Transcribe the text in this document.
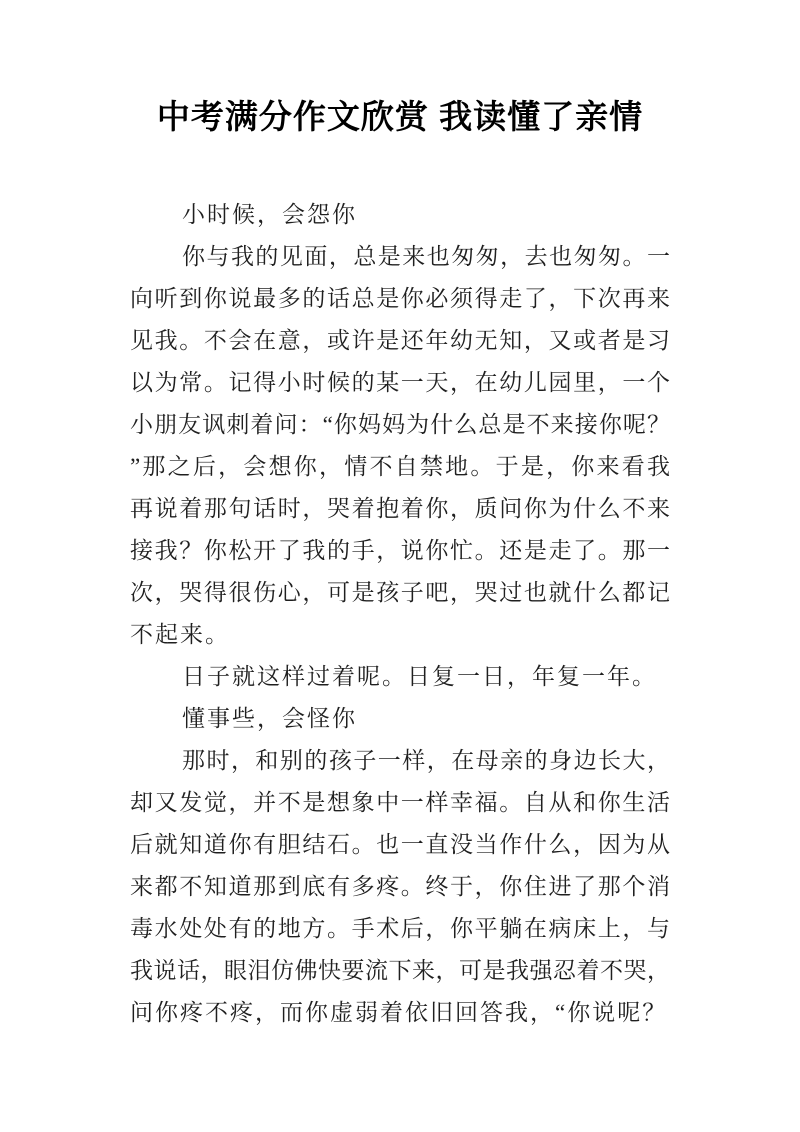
中考满分作文欣赏 我读懂了亲情
小时候，会怨你
你与我的见面，总是来也匆匆，去也匆匆。一
向听到你说最多的话总是你必须得走了，下次再来
见我。不会在意，或许是还年幼无知，又或者是习
以为常。记得小时候的某一天，在幼儿园里，一个
小朋友讽刺着问：“你妈妈为什么总是不来接你呢？
”那之后，会想你，情不自禁地。于是，你来看我
再说着那句话时，哭着抱着你，质问你为什么不来
接我？你松开了我的手，说你忙。还是走了。那一
次，哭得很伤心，可是孩子吧，哭过也就什么都记
不起来。
日子就这样过着呢。日复一日，年复一年。
懂事些，会怪你
那时，和别的孩子一样，在母亲的身边长大，
却又发觉，并不是想象中一样幸福。自从和你生活
后就知道你有胆结石。也一直没当作什么，因为从
来都不知道那到底有多疼。终于，你住进了那个消
毒水处处有的地方。手术后，你平躺在病床上，与
我说话，眼泪仿佛快要流下来，可是我强忍着不哭，
问你疼不疼，而你虚弱着依旧回答我，“你说呢？
